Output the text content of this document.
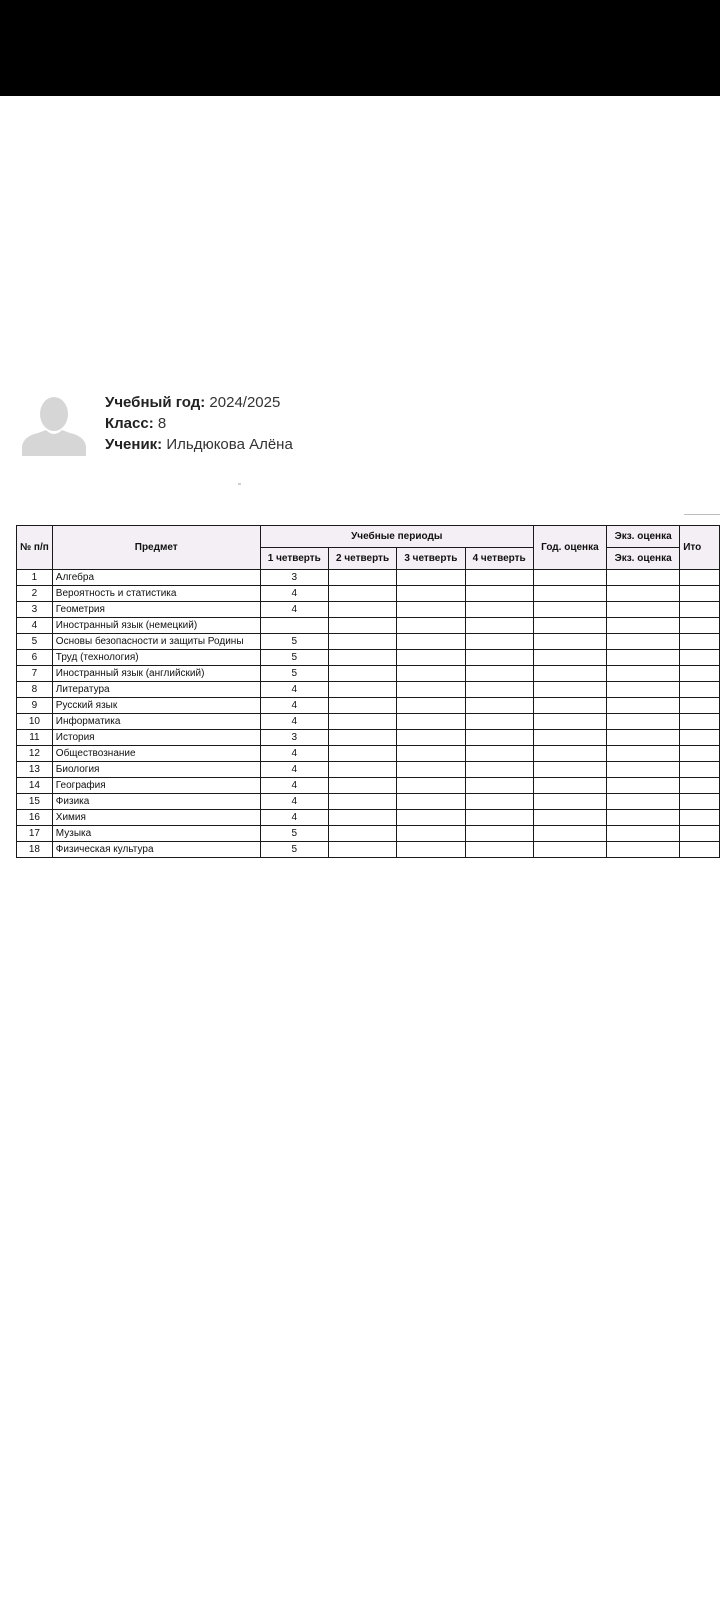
Учебный год: 2024/2025
Класс: 8
Ученик: Ильдюкова Алёна
№ п/п	Предмет	Учебные периоды				Год. оценка	Экз. оценка	Ито
		1 четверть	2 четверть	3 четверть	4 четверть		Экз. оценка	
1	Алгебра	3						
2	Вероятность и статистика	4						
3	Геометрия	4						
4	Иностранный язык (немецкий)							
5	Основы безопасности и защиты Родины	5						
6	Труд (технология)	5						
7	Иностранный язык (английский)	5						
8	Литература	4						
9	Русский язык	4						
10	Информатика	4						
11	История	3						
12	Обществознание	4						
13	Биология	4						
14	География	4						
15	Физика	4						
16	Химия	4						
17	Музыка	5						
18	Физическая культура	5						
